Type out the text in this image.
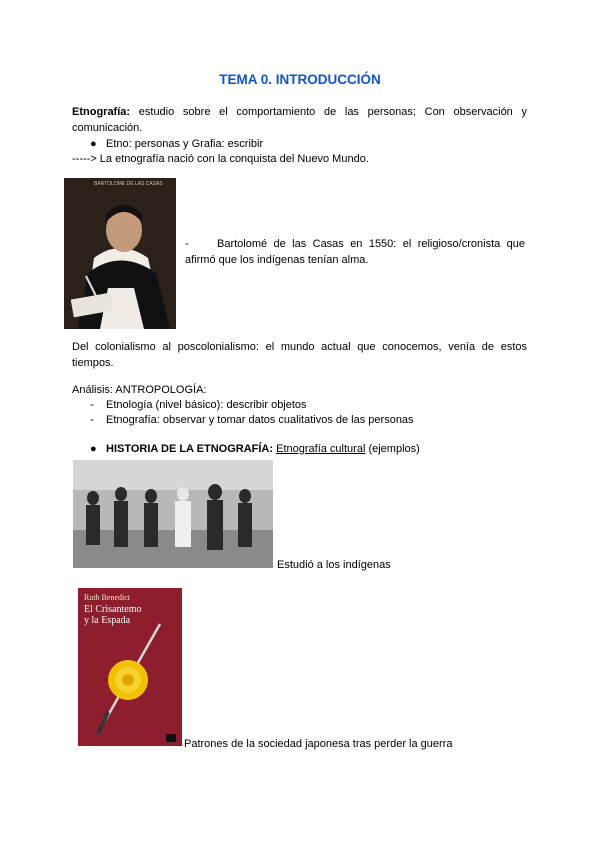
TEMA 0. INTRODUCCIÓN
Etnografía: estudio sobre el comportamiento de las personas; Con observación y
comunicación.
● Etno: personas y Grafia: escribir
-----> La etnografía nació con la conquista del Nuevo Mundo.
BARTOLOME DE LAS CASAS
-	Bartolomé de las Casas en 1550: el religioso/cronista que
afirmó que los indígenas tenían alma.
Del colonialismo al poscolonialismo: el mundo actual que conocemos, venía de estos
tiempos.
Análisis: ANTROPOLOGÍA:
- Etnología (nivel básico): describir objetos
- Etnografía: observar y tomar datos cualitativos de las personas
● HISTORIA DE LA ETNOGRAFÍA: Etnografía cultural (ejemplos)
Estudió a los indígenas
Ruth Benedict
El Crisantemo
y la Espada
Patrones de la sociedad japonesa tras perder la guerra
